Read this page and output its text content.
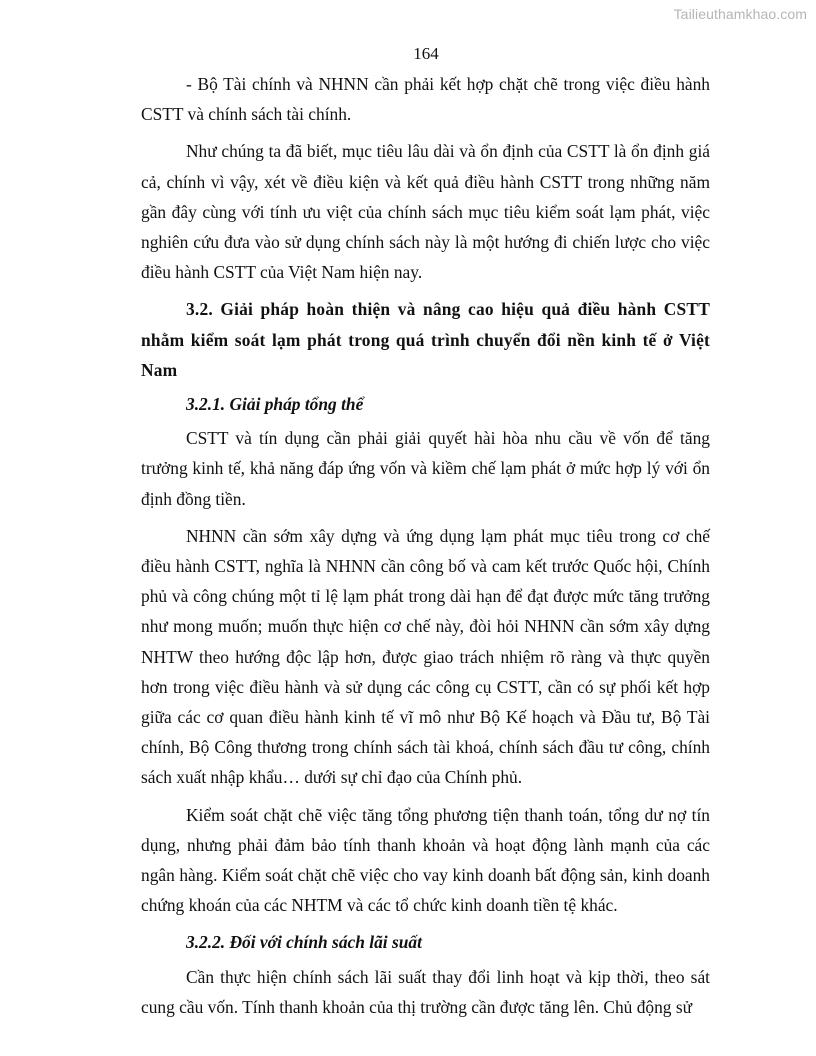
Tailieuthamkhao.com
164

- Bộ Tài chính và NHNN cần phải kết hợp chặt chẽ trong việc điều hành CSTT và chính sách tài chính.

Như chúng ta đã biết, mục tiêu lâu dài và ổn định của CSTT là ổn định giá cả, chính vì vậy, xét về điều kiện và kết quả điều hành CSTT trong những năm gần đây cùng với tính ưu việt của chính sách mục tiêu kiểm soát lạm phát, việc nghiên cứu đưa vào sử dụng chính sách này là một hướng đi chiến lược cho việc điều hành CSTT của Việt Nam hiện nay.

3.2. Giải pháp hoàn thiện và nâng cao hiệu quả điều hành CSTT nhằm kiểm soát lạm phát trong quá trình chuyển đổi nền kinh tế ở Việt Nam

3.2.1. Giải pháp tổng thể

CSTT và tín dụng cần phải giải quyết hài hòa nhu cầu về vốn để tăng trưởng kinh tế, khả năng đáp ứng vốn và kiềm chế lạm phát ở mức hợp lý với ổn định đồng tiền.

NHNN cần sớm xây dựng và ứng dụng lạm phát mục tiêu trong cơ chế điều hành CSTT, nghĩa là NHNN cần công bố và cam kết trước Quốc hội, Chính phủ và công chúng một tỉ lệ lạm phát trong dài hạn để đạt được mức tăng trưởng như mong muốn; muốn thực hiện cơ chế này, đòi hỏi NHNN cần sớm xây dựng NHTW theo hướng độc lập hơn, được giao trách nhiệm rõ ràng và thực quyền hơn trong việc điều hành và sử dụng các công cụ CSTT, cần có sự phối kết hợp giữa các cơ quan điều hành kinh tế vĩ mô như Bộ Kế hoạch và Đầu tư, Bộ Tài chính, Bộ Công thương trong chính sách tài khoá, chính sách đầu tư công, chính sách xuất nhập khẩu… dưới sự chỉ đạo của Chính phủ.

Kiểm soát chặt chẽ việc tăng tổng phương tiện thanh toán, tổng dư nợ tín dụng, nhưng phải đảm bảo tính thanh khoản và hoạt động lành mạnh của các ngân hàng. Kiểm soát chặt chẽ việc cho vay kinh doanh bất động sản, kinh doanh chứng khoán của các NHTM và các tổ chức kinh doanh tiền tệ khác.

3.2.2. Đối với chính sách lãi suất

Cần thực hiện chính sách lãi suất thay đổi linh hoạt và kịp thời, theo sát cung cầu vốn. Tính thanh khoản của thị trường cần được tăng lên. Chủ động sử
